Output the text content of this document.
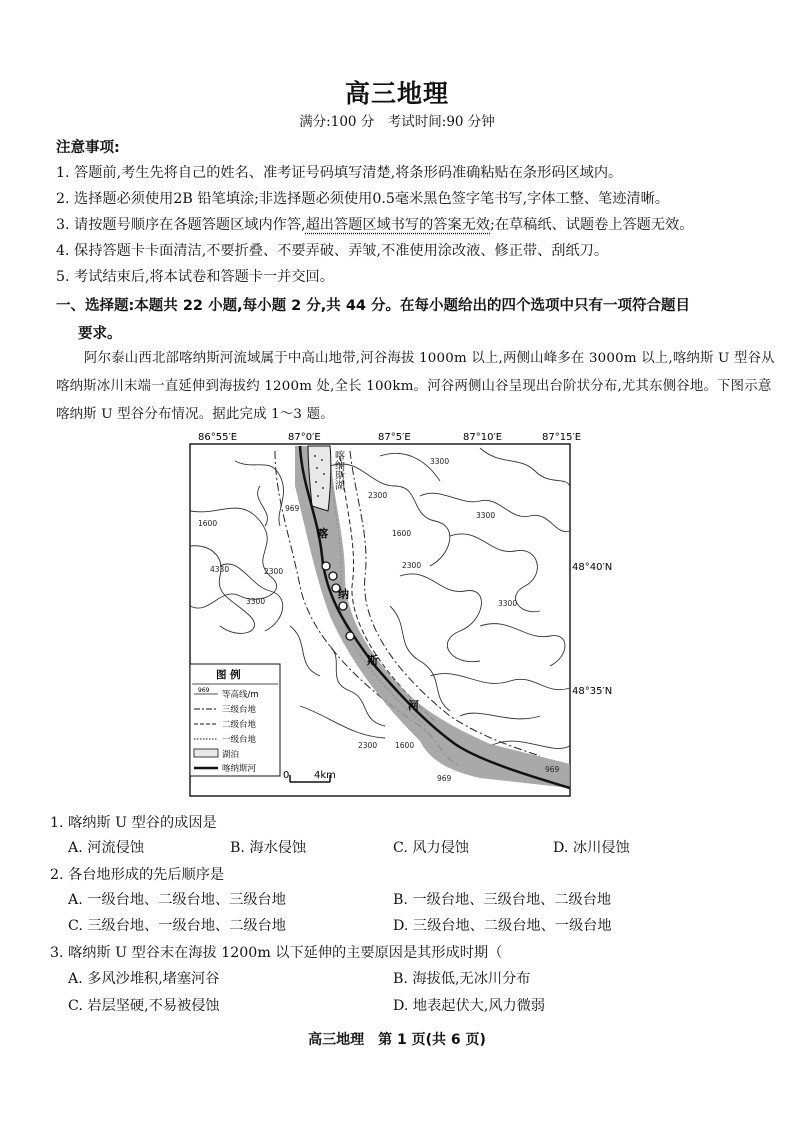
高三地理
满分:100 分　考试时间:90 分钟
注意事项:
1. 答题前,考生先将自己的姓名、准考证号码填写清楚,将条形码准确粘贴在条形码区域内。
2. 选择题必须使用2B 铅笔填涂;非选择题必须使用0.5毫米黑色签字笔书写,字体工整、笔迹清晰。
3. 请按题号顺序在各题答题区域内作答,超出答题区域书写的答案无效;在草稿纸、试题卷上答题无效。
4. 保持答题卡卡面清洁,不要折叠、不要弄破、弄皱,不准使用涂改液、修正带、刮纸刀。
5. 考试结束后,将本试卷和答题卡一并交回。
一、选择题:本题共 22 小题,每小题 2 分,共 44 分。在每小题给出的四个选项中只有一项符合题目
要求。
阿尔泰山西北部喀纳斯河流域属于中高山地带,河谷海拔 1000m 以上,两侧山峰多在 3000m 以上,喀纳斯 U 型谷从喀纳斯冰川末端一直延伸到海拔约 1200m 处,全长 100km。河谷两侧山谷呈现出台阶状分布,尤其东侧谷地。下图示意喀纳斯 U 型谷分布情况。据此完成 1～3 题。
86°55′E	87°0′E	87°5′E	87°10′E	87°15′E
喀纳斯湖
喀
纳
斯
河
1600
2300
3300
4330
969
3300
2300
1600
2300
3300
1600
969
2300
3300
969
48°40′N
48°35′N
图 例
969 等高线/m
三级台地
二级台地
一级台地
湖泊
喀纳斯河
0 4km
1. 喀纳斯 U 型谷的成因是
A. 河流侵蚀	B. 海水侵蚀	C. 风力侵蚀	D. 冰川侵蚀
2. 各台地形成的先后顺序是
A. 一级台地、二级台地、三级台地	B. 一级台地、三级台地、二级台地
C. 三级台地、一级台地、二级台地	D. 三级台地、二级台地、一级台地
3. 喀纳斯 U 型谷末在海拔 1200m 以下延伸的主要原因是其形成时期（
A. 多风沙堆积,堵塞河谷	B. 海拔低,无冰川分布
C. 岩层坚硬,不易被侵蚀	D. 地表起伏大,风力微弱
高三地理　第 1 页(共 6 页)
